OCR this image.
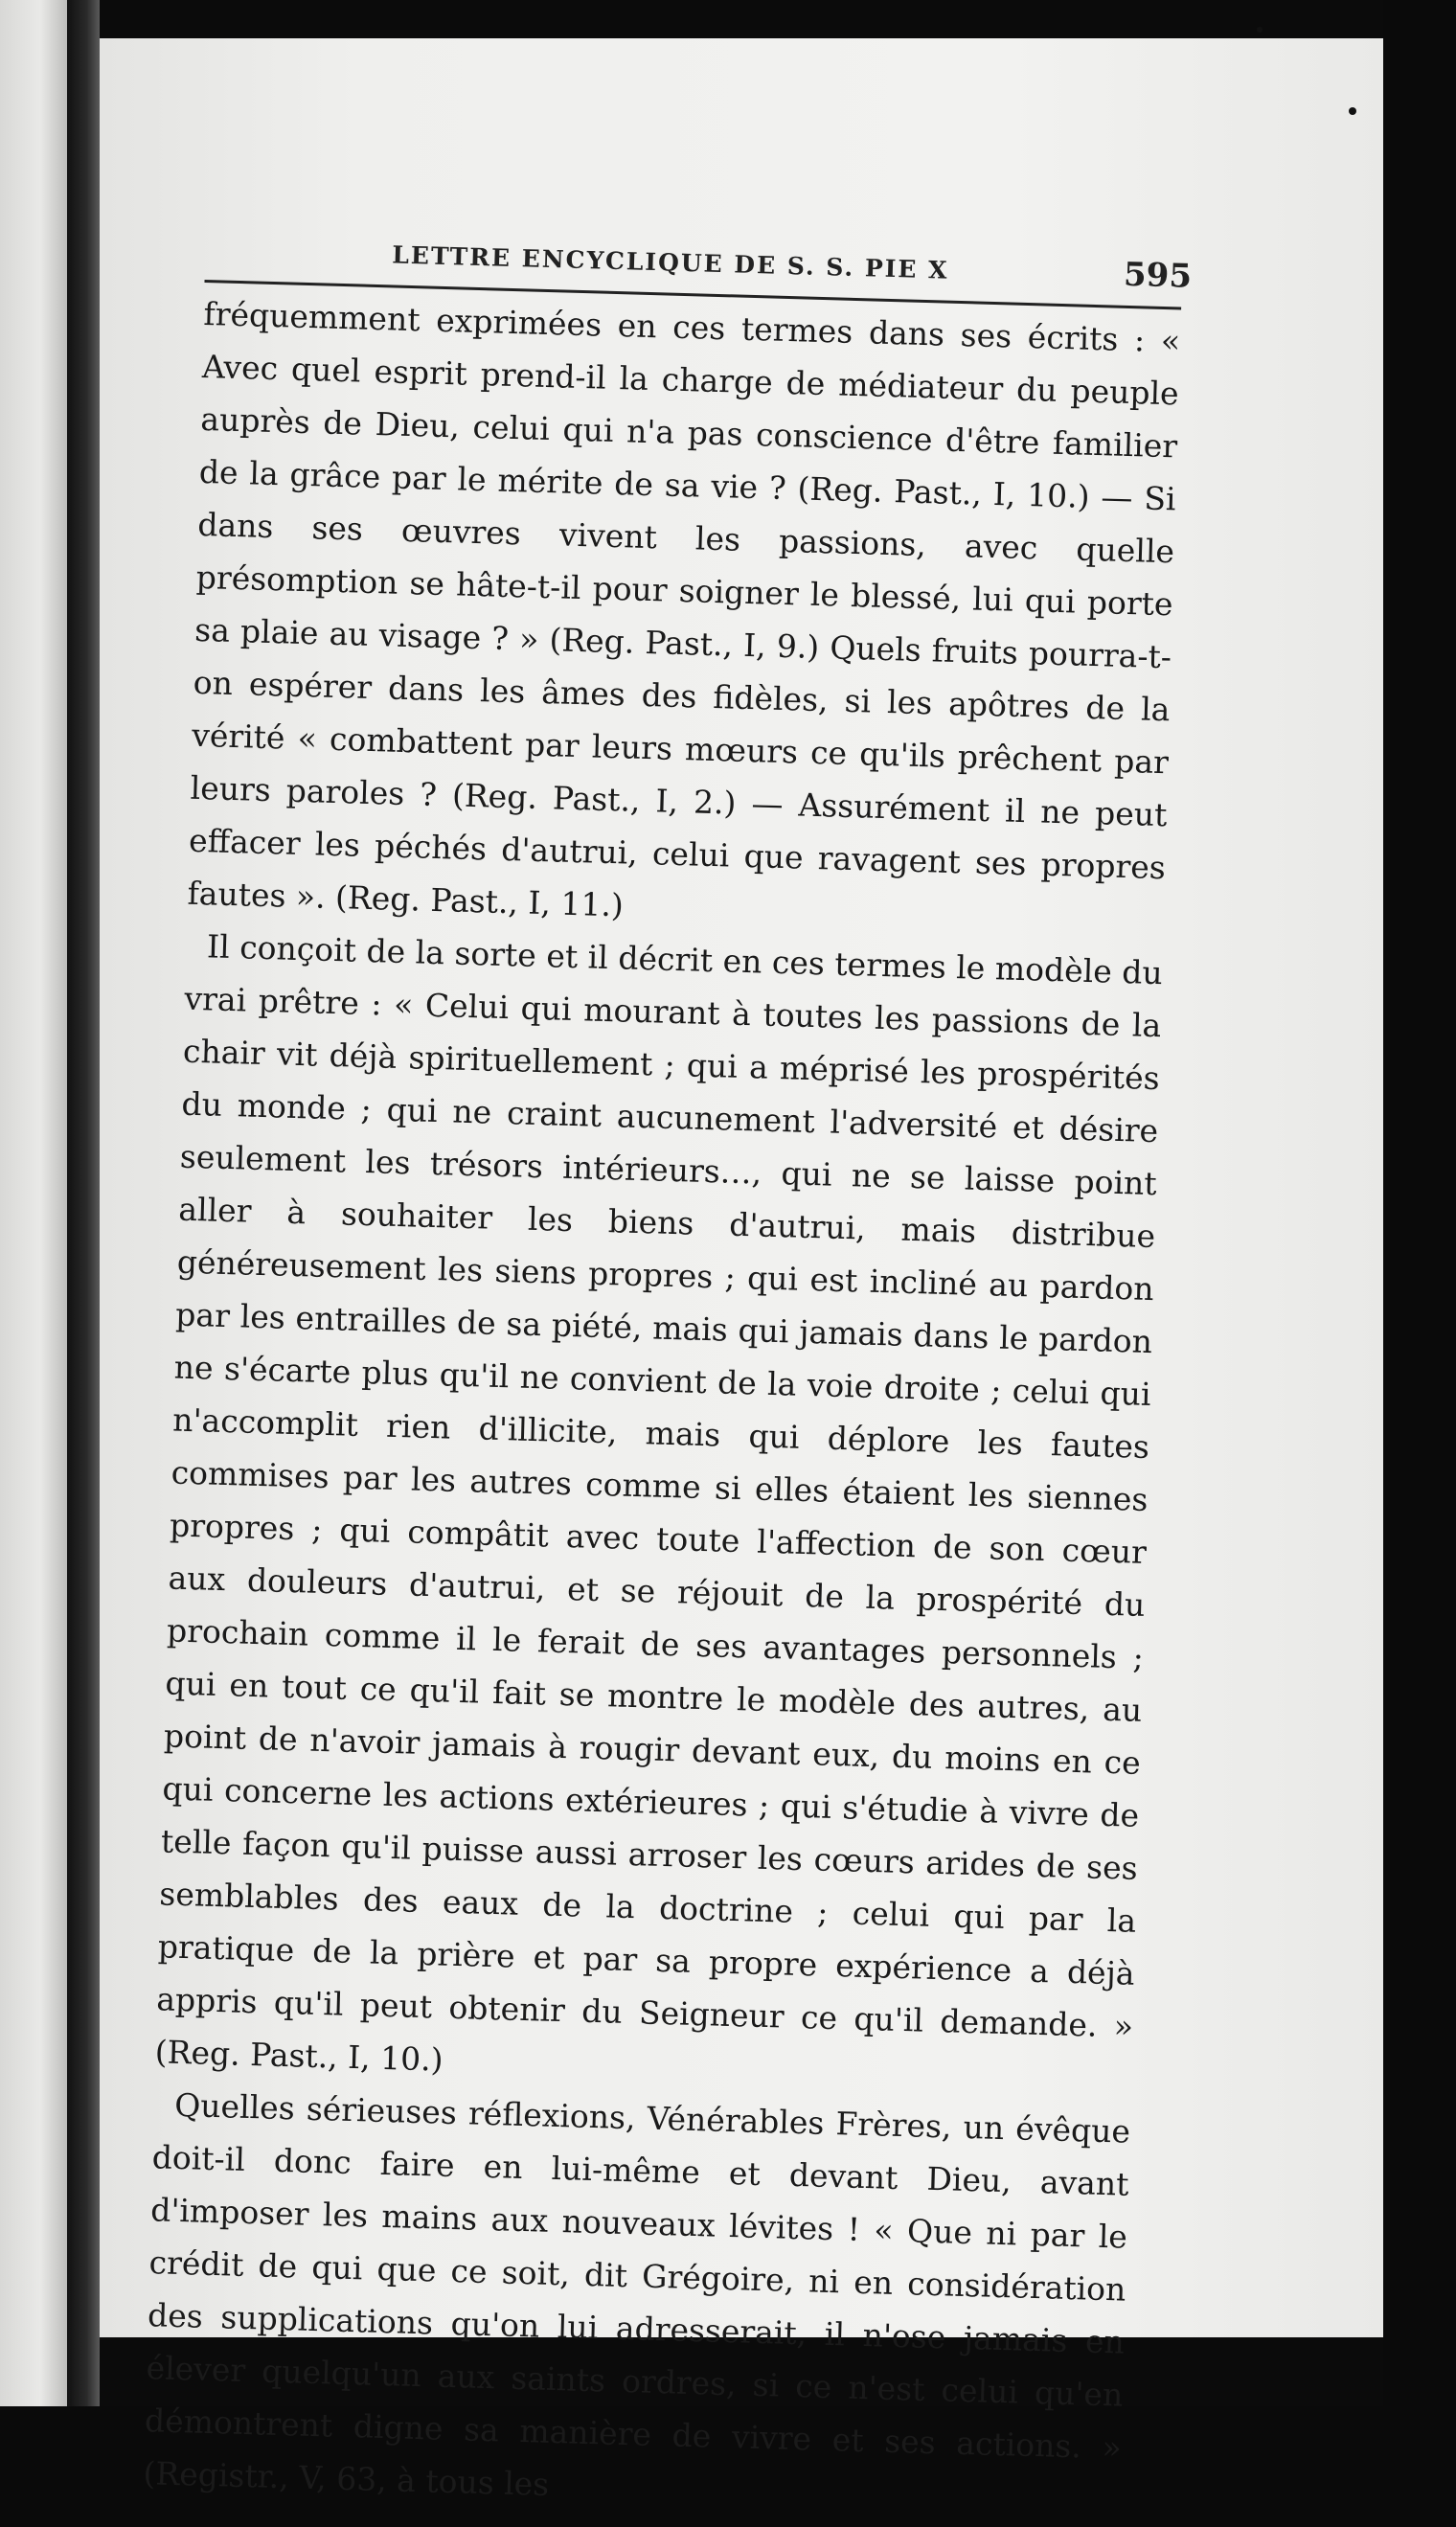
LETTRE ENCYCLIQUE DE S. S. PIE X	595

fréquemment exprimées en ces termes dans ses écrits : « Avec quel esprit prend-il la charge de médiateur du peuple auprès de Dieu, celui qui n'a pas conscience d'être familier de la grâce par le mérite de sa vie ? (Reg. Past., I, 10.) — Si dans ses œuvres vivent les passions, avec quelle présomption se hâte-t-il pour soigner le blessé, lui qui porte sa plaie au visage ? » (Reg. Past., I, 9.) Quels fruits pourra-t-on espérer dans les âmes des fidèles, si les apôtres de la vérité « combattent par leurs mœurs ce qu'ils prêchent par leurs paroles ? (Reg. Past., I, 2.) — Assurément il ne peut effacer les péchés d'autrui, celui que ravagent ses propres fautes ». (Reg. Past., I, 11.)

Il conçoit de la sorte et il décrit en ces termes le modèle du vrai prêtre : « Celui qui mourant à toutes les passions de la chair vit déjà spirituellement ; qui a méprisé les prospérités du monde ; qui ne craint aucunement l'adversité et désire seulement les trésors intérieurs…, qui ne se laisse point aller à souhaiter les biens d'autrui, mais distribue généreusement les siens propres ; qui est incliné au pardon par les entrailles de sa piété, mais qui jamais dans le pardon ne s'écarte plus qu'il ne convient de la voie droite ; celui qui n'accomplit rien d'illicite, mais qui déplore les fautes commises par les autres comme si elles étaient les siennes propres ; qui compâtit avec toute l'affection de son cœur aux douleurs d'autrui, et se réjouit de la prospérité du prochain comme il le ferait de ses avantages personnels ; qui en tout ce qu'il fait se montre le modèle des autres, au point de n'avoir jamais à rougir devant eux, du moins en ce qui concerne les actions extérieures ; qui s'étudie à vivre de telle façon qu'il puisse aussi arroser les cœurs arides de ses semblables des eaux de la doctrine ; celui qui par la pratique de la prière et par sa propre expérience a déjà appris qu'il peut obtenir du Seigneur ce qu'il demande. » (Reg. Past., I, 10.)

Quelles sérieuses réflexions, Vénérables Frères, un évêque doit-il donc faire en lui-même et devant Dieu, avant d'imposer les mains aux nouveaux lévites ! « Que ni par le crédit de qui que ce soit, dit Grégoire, ni en considération des supplications qu'on lui adresserait, il n'ose jamais en élever quelqu'un aux saints ordres, si ce n'est celui qu'en démontrent digne sa manière de vivre et ses actions. » (Registr., V, 63, à tous les
